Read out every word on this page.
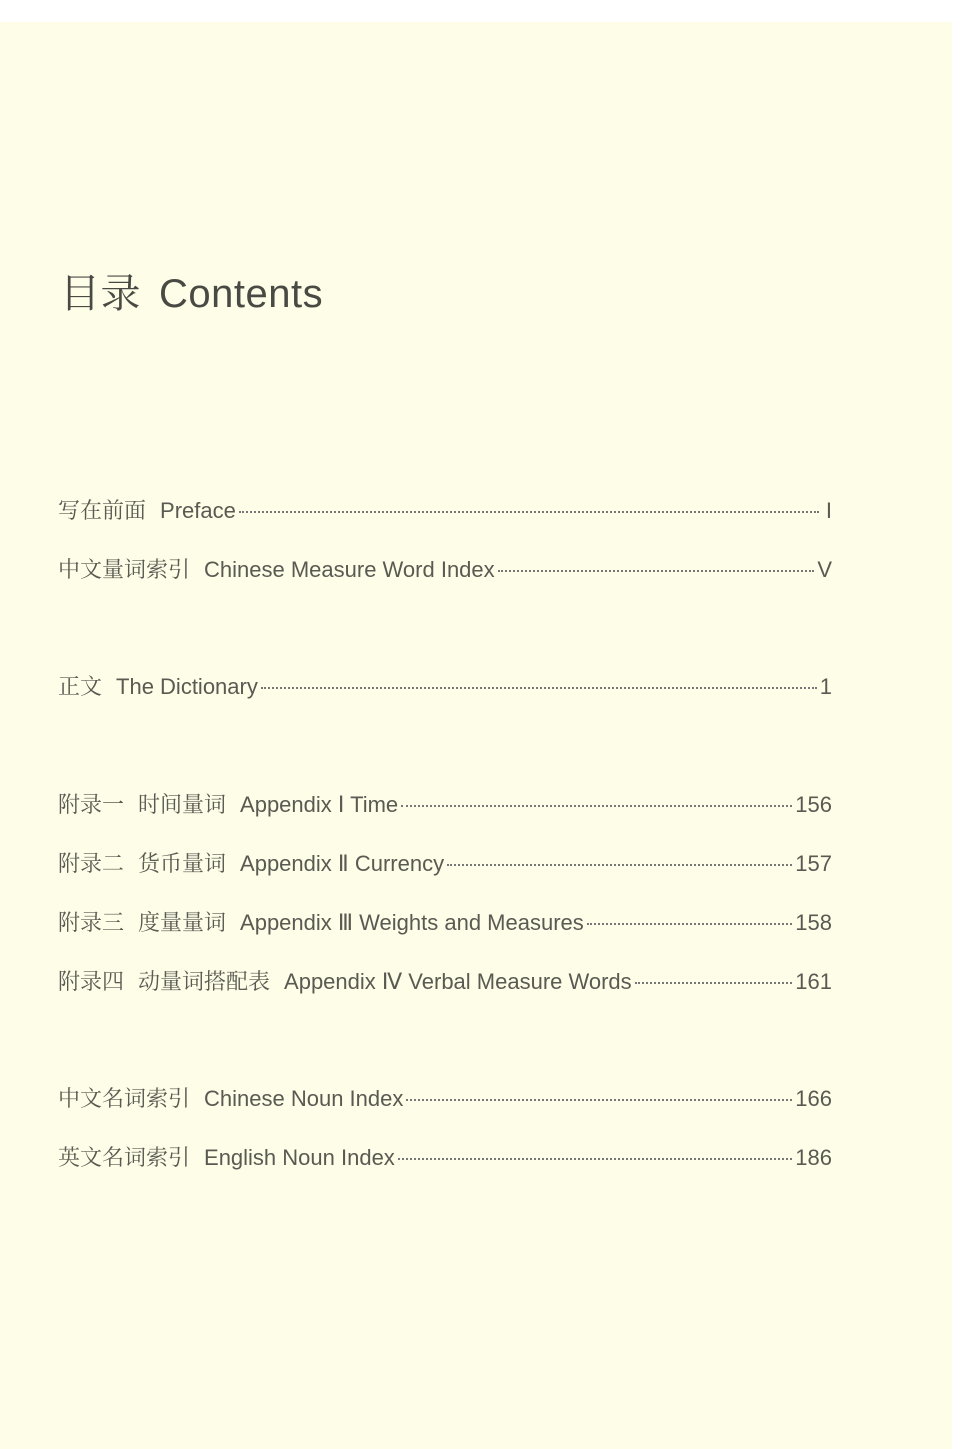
目录 Contents
写在前面 Preface	I
中文量词索引 Chinese Measure Word Index	V
正文 The Dictionary	1
附录一 时间量词 Appendix Ⅰ Time	156
附录二 货币量词 Appendix Ⅱ Currency	157
附录三 度量量词 Appendix Ⅲ Weights and Measures	158
附录四 动量词搭配表 Appendix Ⅳ Verbal Measure Words	161
中文名词索引 Chinese Noun Index	166
英文名词索引 English Noun Index	186
